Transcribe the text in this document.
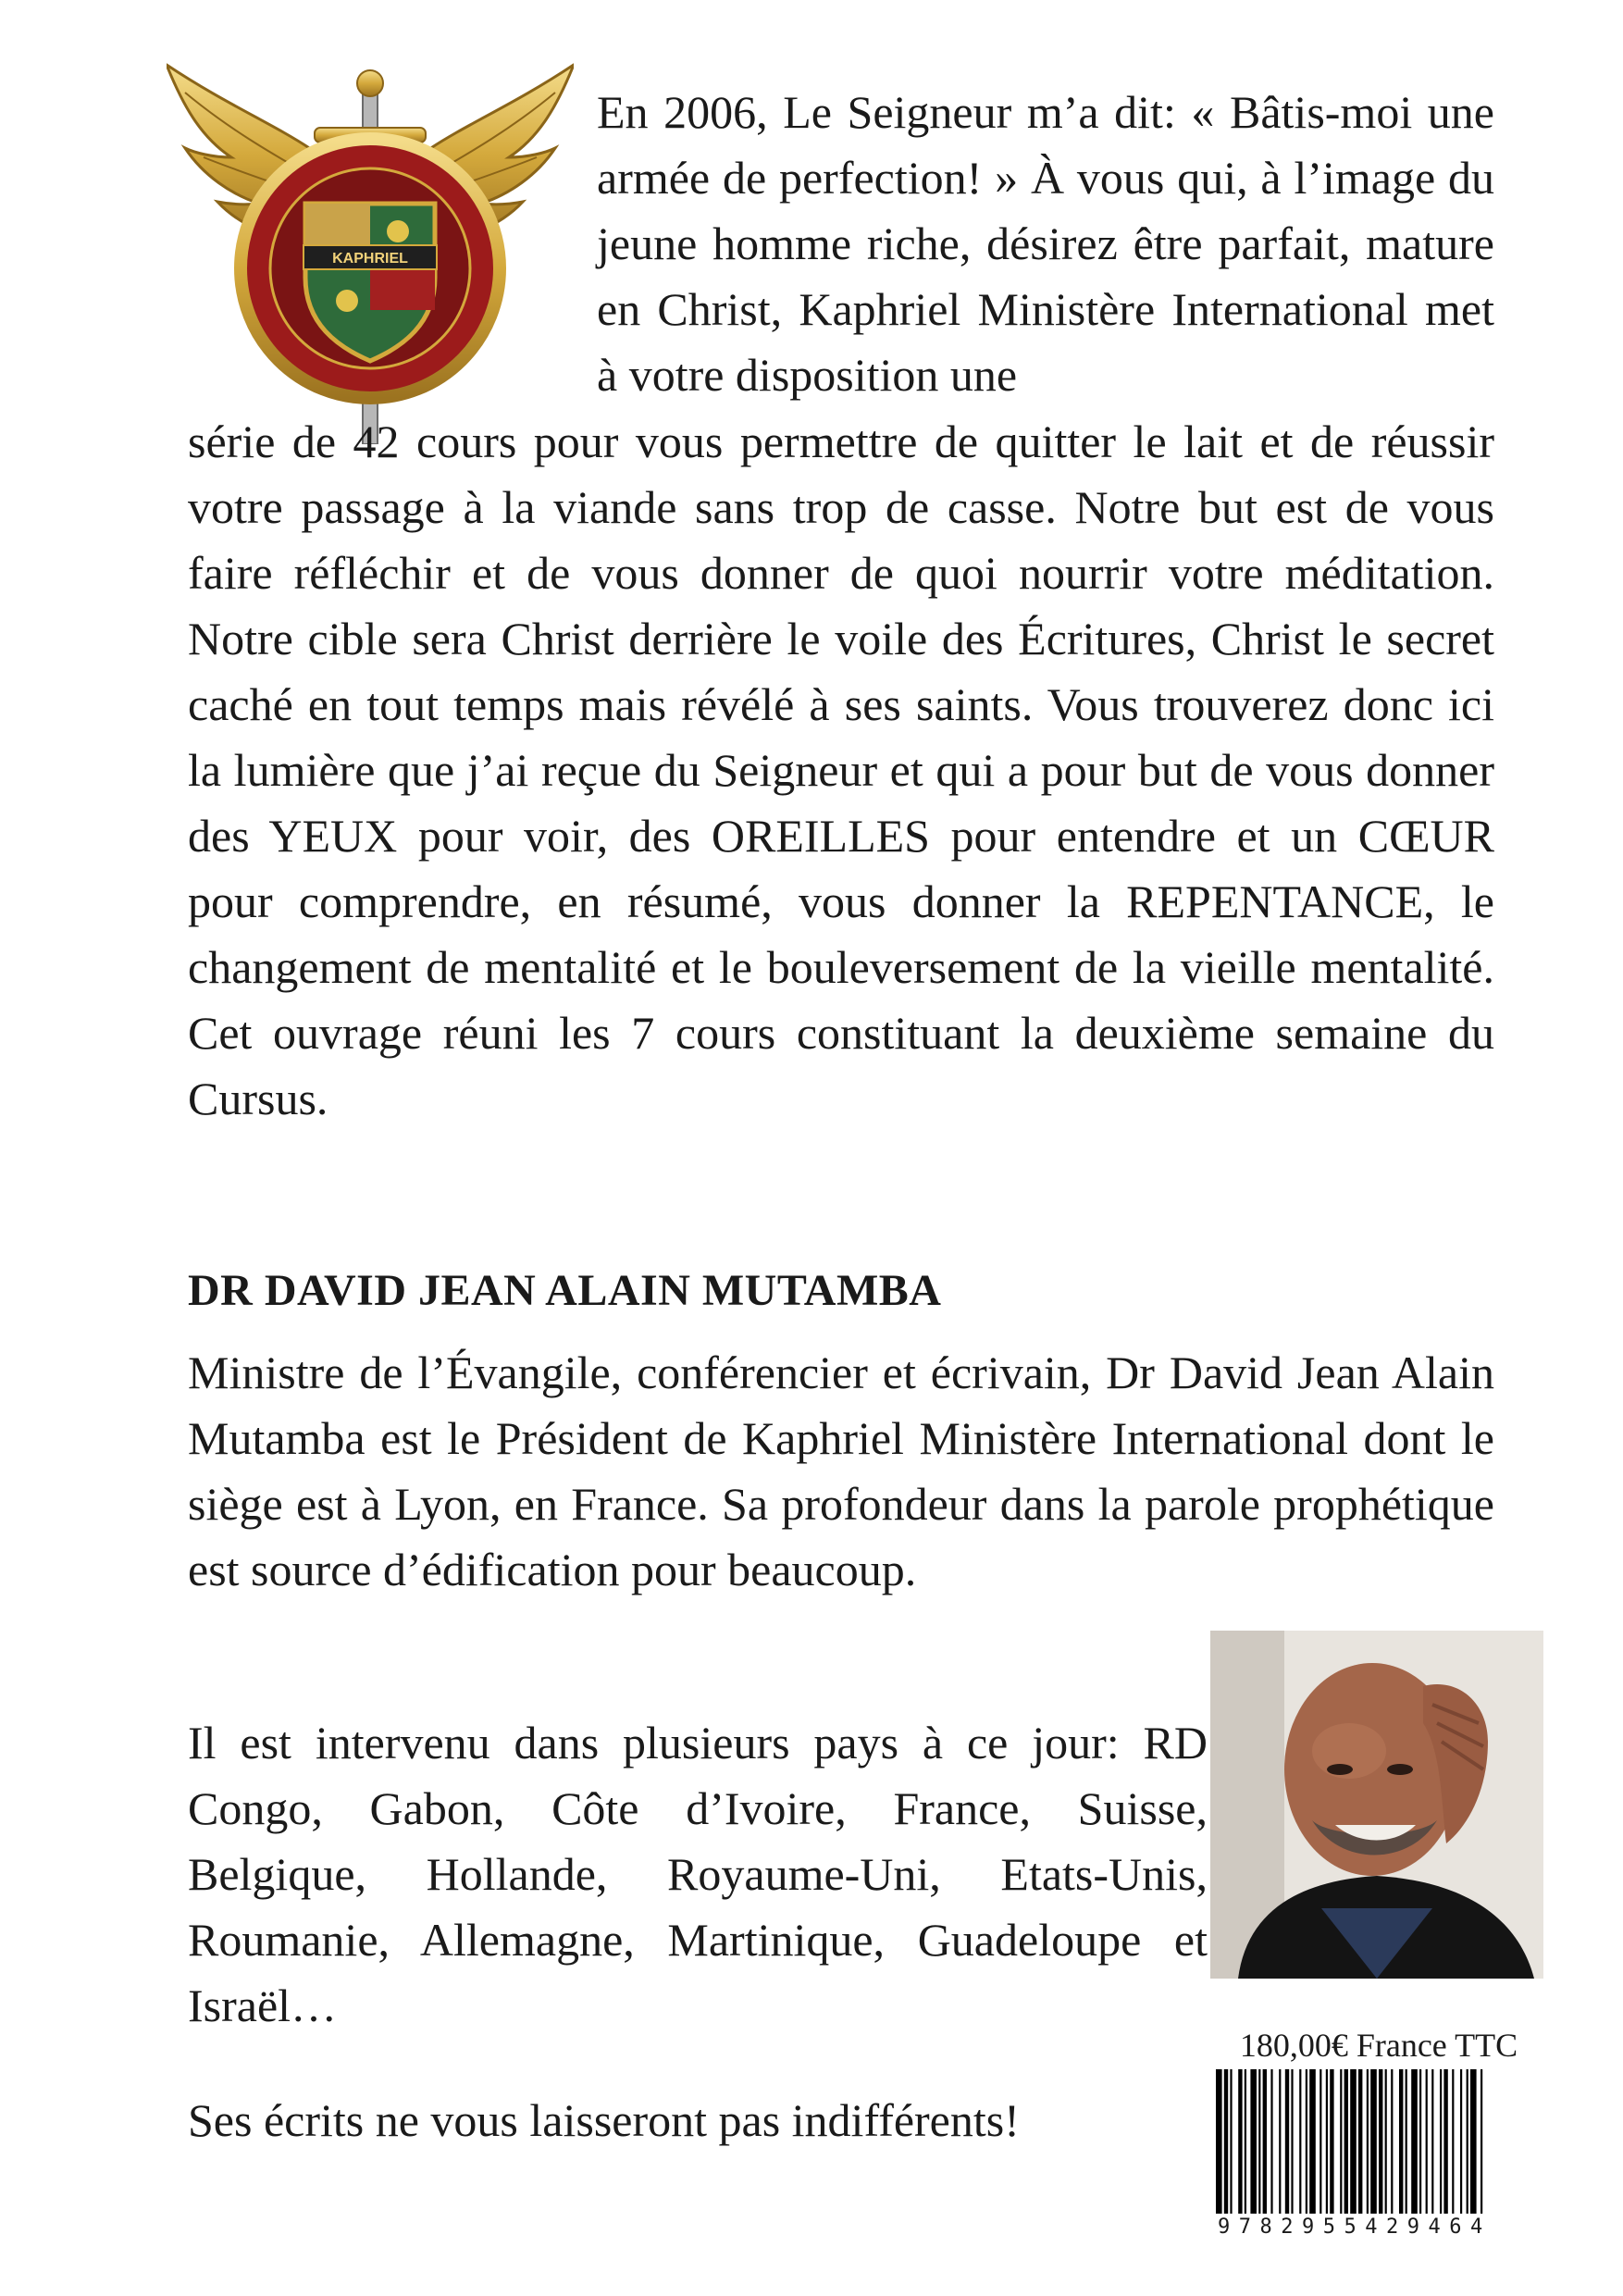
KAPHRIEL
En 2006, Le Seigneur m’a dit: « Bâtis-moi une armée de perfection! » À vous qui, à l’image du jeune homme riche, désirez être parfait, mature en Christ, Kaphriel Ministère International met à votre disposition une
série de 42 cours pour vous permettre de quitter le lait et de réussir votre passage à la viande sans trop de casse. Notre but est de vous faire réfléchir et de vous donner de quoi nourrir votre méditation. Notre cible sera Christ derrière le voile des Écritures, Christ le secret caché en tout temps mais révélé à ses saints. Vous trouverez donc ici la lumière que j’ai reçue du Seigneur et qui a pour but de vous donner des YEUX pour voir, des OREILLES pour entendre et un CŒUR pour comprendre, en résumé, vous donner la REPENTANCE, le changement de mentalité et le bouleversement de la vieille mentalité. Cet ouvrage réuni les 7 cours constituant la deuxième semaine du Cursus.
DR DAVID JEAN ALAIN MUTAMBA
Ministre de l’Évangile, conférencier et écrivain, Dr David Jean Alain Mutamba est le Président de Kaphriel Ministère International dont le siège est à Lyon, en France. Sa profondeur dans la parole prophétique est source d’édification pour beaucoup.
Il est intervenu dans plusieurs pays à ce jour: RD Congo, Gabon, Côte d’Ivoire, France, Suisse, Belgique, Hollande, Royaume-Uni, Etats-Unis, Roumanie, Allemagne, Martinique, Guadeloupe et Israël…
180,00€ France TTC
9782955429464
Ses écrits ne vous laisseront pas indifférents!
